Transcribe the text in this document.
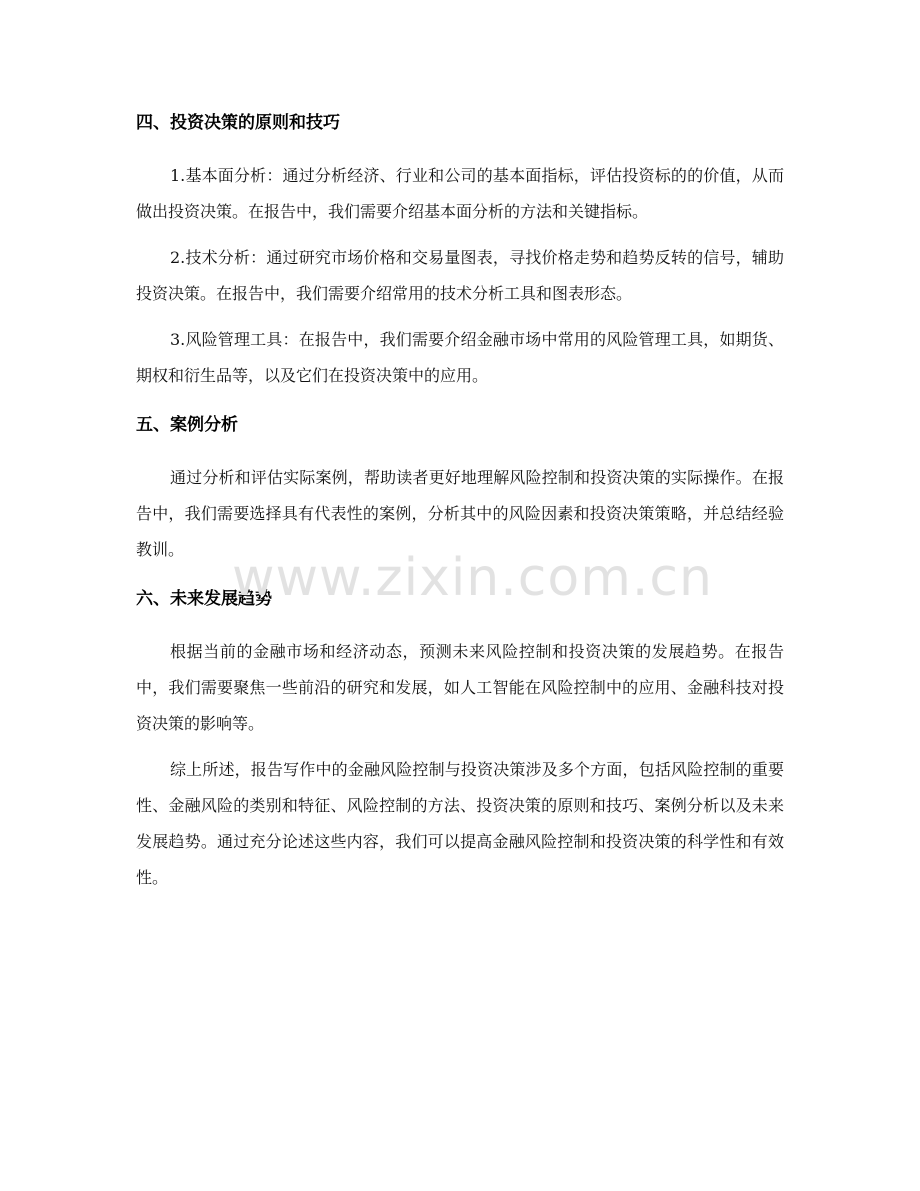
四、投资决策的原则和技巧

1.基本面分析：通过分析经济、行业和公司的基本面指标，评估投资标的的价值，从而做出投资决策。在报告中，我们需要介绍基本面分析的方法和关键指标。

2.技术分析：通过研究市场价格和交易量图表，寻找价格走势和趋势反转的信号，辅助投资决策。在报告中，我们需要介绍常用的技术分析工具和图表形态。

3.风险管理工具：在报告中，我们需要介绍金融市场中常用的风险管理工具，如期货、期权和衍生品等，以及它们在投资决策中的应用。

五、案例分析

通过分析和评估实际案例，帮助读者更好地理解风险控制和投资决策的实际操作。在报告中，我们需要选择具有代表性的案例，分析其中的风险因素和投资决策策略，并总结经验教训。

六、未来发展趋势

根据当前的金融市场和经济动态，预测未来风险控制和投资决策的发展趋势。在报告中，我们需要聚焦一些前沿的研究和发展，如人工智能在风险控制中的应用、金融科技对投资决策的影响等。

综上所述，报告写作中的金融风险控制与投资决策涉及多个方面，包括风险控制的重要性、金融风险的类别和特征、风险控制的方法、投资决策的原则和技巧、案例分析以及未来发展趋势。通过充分论述这些内容，我们可以提高金融风险控制和投资决策的科学性和有效性。

www.zixin.com.cn
